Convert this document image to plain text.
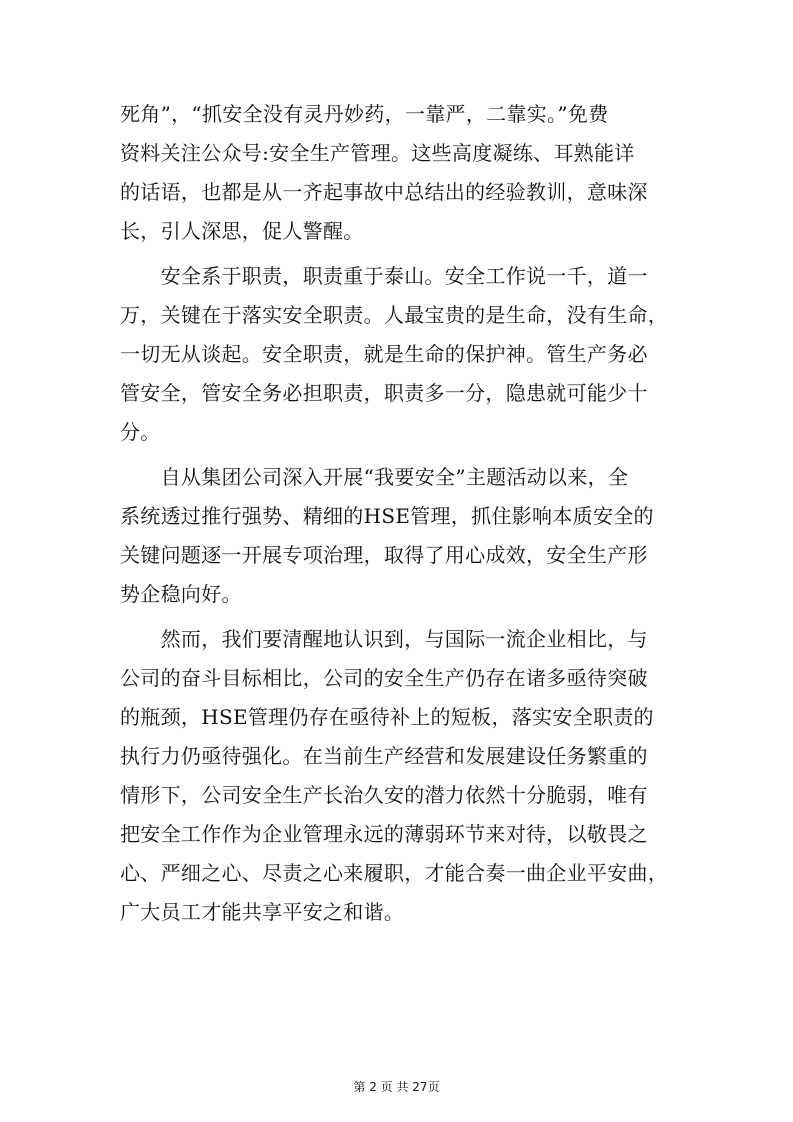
死角”，“抓安全没有灵丹妙药，一靠严，二靠实。”免费
资料关注公众号:安全生产管理。这些高度凝练、耳熟能详
的话语，也都是从一齐起事故中总结出的经验教训，意味深
长，引人深思，促人警醒。
　　安全系于职责，职责重于泰山。安全工作说一千，道一
万，关键在于落实安全职责。人最宝贵的是生命，没有生命，
一切无从谈起。安全职责，就是生命的保护神。管生产务必
管安全，管安全务必担职责，职责多一分，隐患就可能少十
分。
　　自从集团公司深入开展“我要安全”主题活动以来，全
系统透过推行强势、精细的HSE管理，抓住影响本质安全的
关键问题逐一开展专项治理，取得了用心成效，安全生产形
势企稳向好。
　　然而，我们要清醒地认识到，与国际一流企业相比，与
公司的奋斗目标相比，公司的安全生产仍存在诸多亟待突破
的瓶颈，HSE管理仍存在亟待补上的短板，落实安全职责的
执行力仍亟待强化。在当前生产经营和发展建设任务繁重的
情形下，公司安全生产长治久安的潜力依然十分脆弱，唯有
把安全工作作为企业管理永远的薄弱环节来对待，以敬畏之
心、严细之心、尽责之心来履职，才能合奏一曲企业平安曲，
广大员工才能共享平安之和谐。
第 2 页 共 27页
